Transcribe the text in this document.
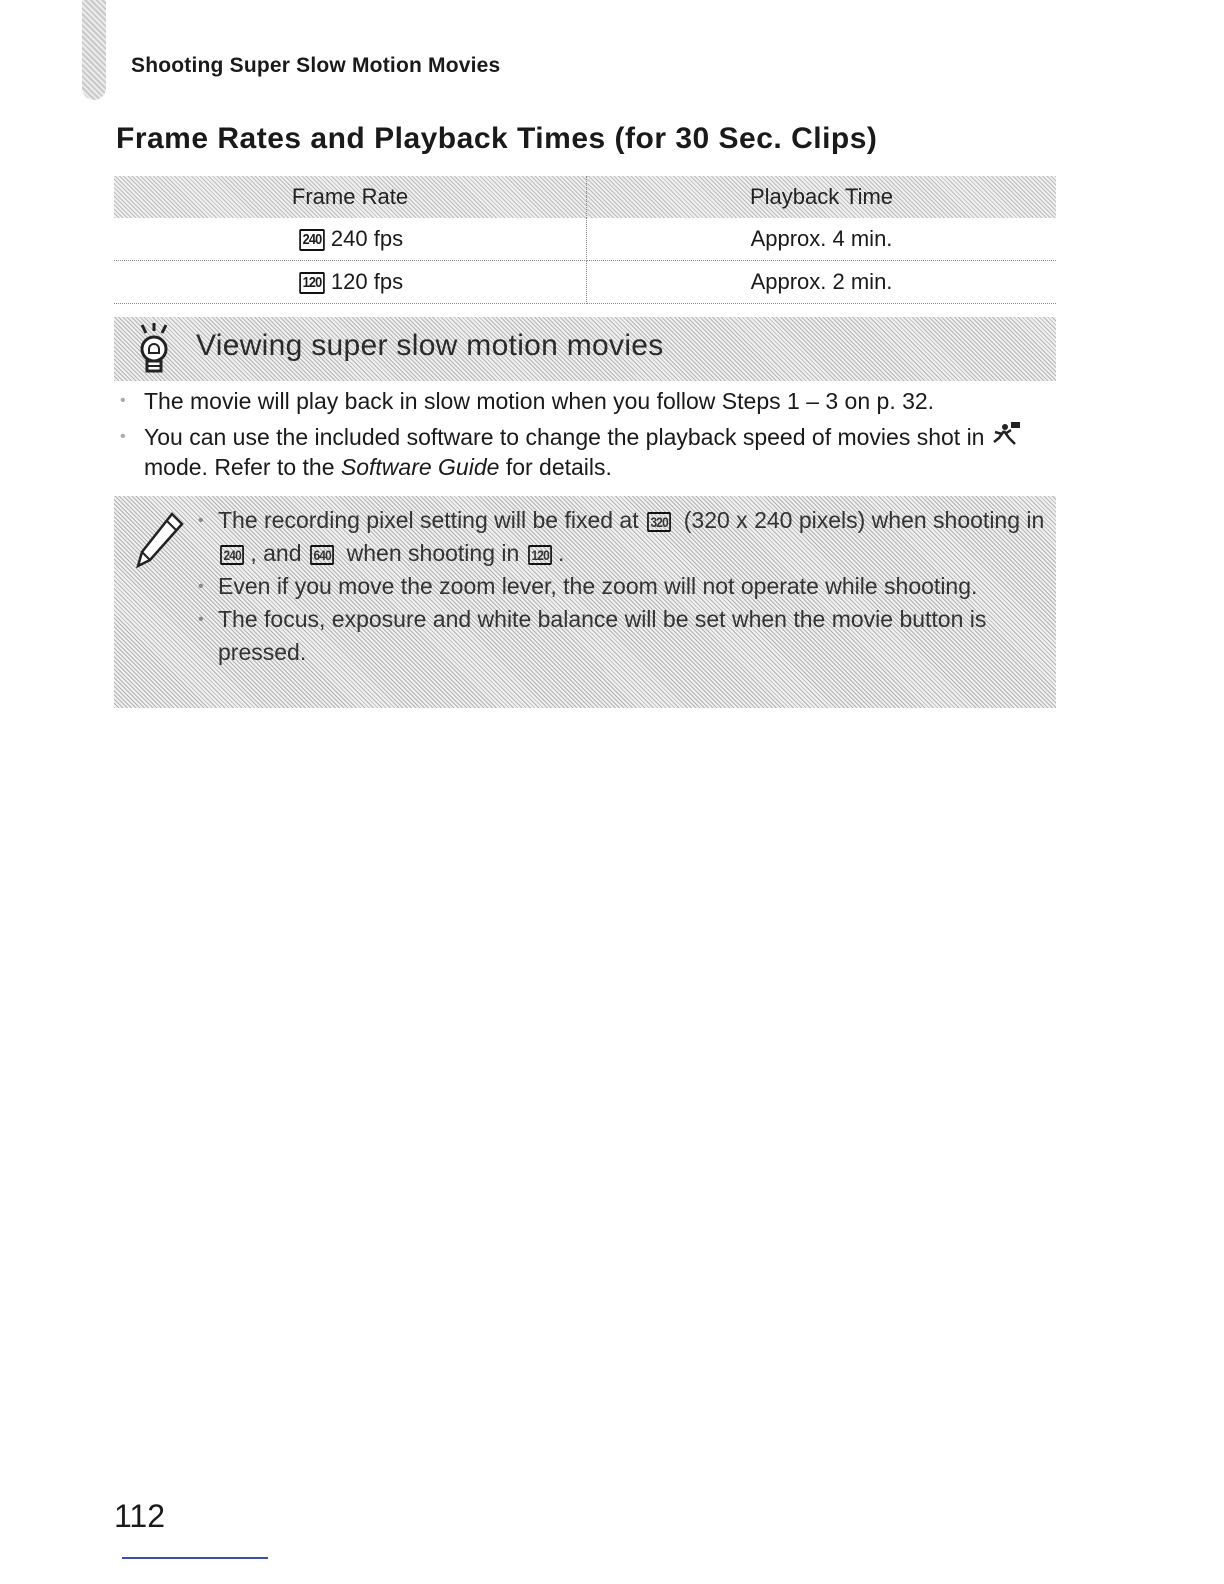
Shooting Super Slow Motion Movies

Frame Rates and Playback Times (for 30 Sec. Clips)
Frame Rate	Playback Time
240 240 fps	Approx. 4 min.
120 120 fps	Approx. 2 min.
Viewing super slow motion movies
• The movie will play back in slow motion when you follow Steps 1 – 3 on p. 32.
• You can use the included software to change the playback speed of movies shot in  mode. Refer to the Software Guide for details.
• The recording pixel setting will be fixed at 320 (320 x 240 pixels) when shooting in 240 , and 640 when shooting in 120 .
• Even if you move the zoom lever, the zoom will not operate while shooting.
• The focus, exposure and white balance will be set when the movie button is pressed.

112
